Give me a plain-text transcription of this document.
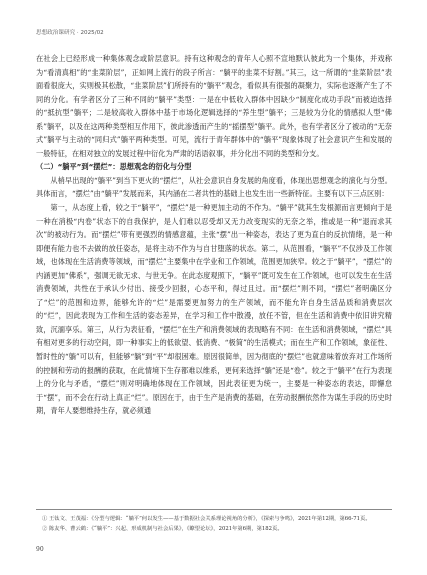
思想政治课研究 · 2025/02

在社会上已经形成一种集体观念或阶层意识。持有这种观念的青年人心照不宣地默认彼此为一个集体，并戏称为“看清真相”的“韭菜阶层”，正如网上流行的段子所言：“躺平的韭菜不好割。”其三，这一所谓的“韭菜阶层”表面看很庞大，实则极其松散，“韭菜阶层”们所持有的“躺平”观念，看似具有很强的凝聚力，实际也逐渐产生了不同的分化。有学者区分了三种不同的“躺平”类型：一是在中低收入群体中因缺少“制度化成功手段”而被迫选择的“抵抗型”躺平；二是较高收入群体中基于市场化逻辑选择的“养生型”躺平；三是较为分化的情感拟人型“佛系”躺平，以及在这两种类型相互作用下，彼此渗透而产生的“摇摆型”躺平。此外，也有学者区分了被动的“无奈式”躺平与主动的“同归式”躺平两种类型。可见，流行于青年群体中的“躺平”现象体现了社会意识产生和发展的一般特征，在相对独立的发展过程中衍化为严肃的话语叙事，并分化出不同的类型和分支。

（二）“躺平”到“摆烂”：思想观念的衍化与分型

从梢早出现的“躺平”到当下更火的“摆烂”，从社会意识自身发展的角度看，体现出思想观念的演化与分型。具体而言，“摆烂”由“躺平”发展而来，其内涵在二者共性的基础上也发生出一些新特征。主要有以下三点区别：

第一，从态度上看，较之于“躺平”，“摆烂”是一种更加主动的不作为。“躺平”就其生发根源而言更倾向于是一种在消极“内卷”状态下的自我保护，是人们难以忍受却又无力改变现实的无奈之举，推或是一种“退而求其次”的被动行为。而“摆烂”带有更强烈的情感意蕴，主张“摆”出一种姿态，表达了更为直白的反抗情绪，是一种即便有能力也不去做的放任姿态，是将主动不作为与自甘堕落的状态。第二，从范围看，“躺平”不仅涉及工作领域，也体现在生活消费等领域，而“摆烂”主要集中在学业和工作领域，范围更加狭窄。较之于“躺平”，“摆烂”的内涵更加“佛系”，强调无欲无求、与世无争。在此态度观照下，“躺平”既可发生在工作领域，也可以发生在生活消费领域，共性在于承认少付出、接受少回报，心态平和，得过且过。而“摆烂”则不同，“摆烂”者明确区分了“烂”的范围和边界，能够允许的“烂”是需要更加努力的生产领域，而不能允许自身生活品质和消费层次的“烂”，因此表现为工作和生活的姿态差异，在学习和工作中散漫，放任不管，但在生活和消费中依旧讲究精致，沉湎享乐。第三，从行为表征看，“摆烂”在生产和消费领域的表现略有不同：在生活和消费领域，“摆烂”具有相对更多的行动空间，即一种事实上的低欲望、低消费、“极简”的生活模式；而在生产和工作领域，象征性、暂时性的“躺”可以有，但能够“躺”到“平”却很困难。原因很简单，因为彻底的“摆烂”也就意味着放弃对工作场所的控制和劳动的报酬的获取，在此情境下生存都难以维系，更何来选择“躺”还是“卷”。较之于“躺平”在行为表现上的分化与矛盾，“摆烂”则对明确地体现在工作领域，因此表征更为统一，主要是一种姿态的表达，即懈怠于“摆”，而不会在行动上真正“烂”。原因在于，由于生产是消费的基础，在劳动报酬依然作为谋生手段的历史时期，青年人要想维持生存，就必须通

① 王钛文、王茂福：《分型与逻辑：“躺平”何以发生——基于数据社会关系理论视角的分析》，《探索与争鸣》，2021年第12期，第66-71页。
② 陈友华、曹云鹤：《“躺平”：兴起、形成机制与社会后果》，《瞭望论坛》，2021年第6期，第182页。
90
